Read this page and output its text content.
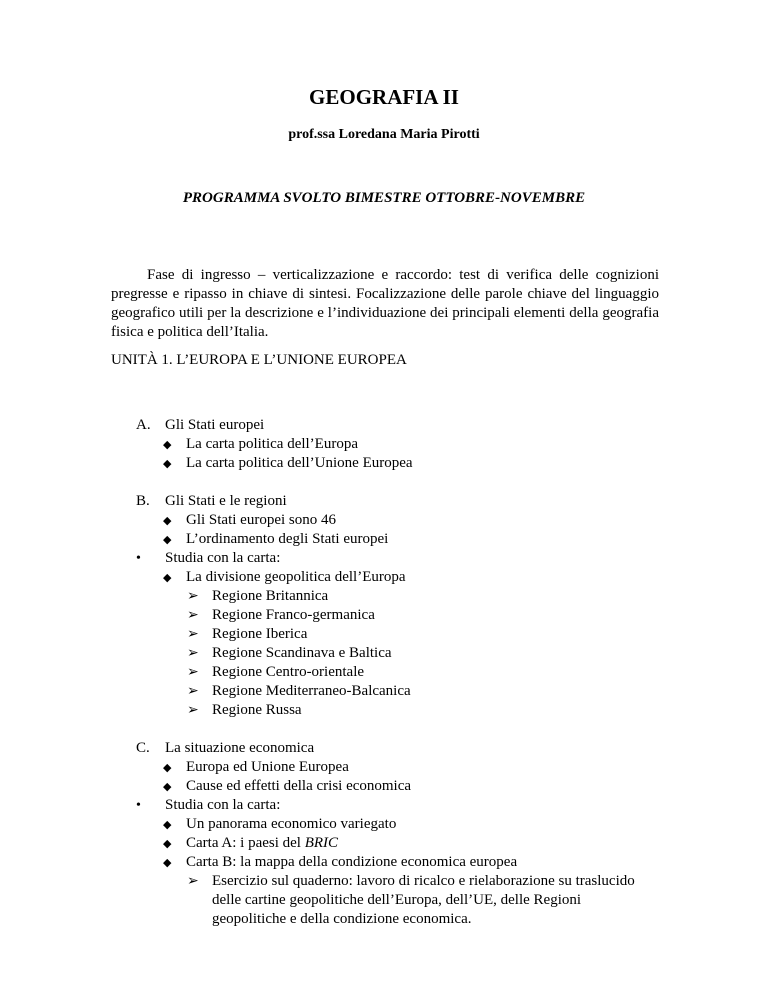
GEOGRAFIA II
prof.ssa Loredana Maria Pirotti
PROGRAMMA SVOLTO BIMESTRE OTTOBRE-NOVEMBRE

Fase di ingresso – verticalizzazione e raccordo: test di verifica delle cognizioni pregresse e ripasso in chiave di sintesi. Focalizzazione delle parole chiave del linguaggio geografico utili per la descrizione e l’individuazione dei principali elementi della geografia fisica e politica dell’Italia.

UNITÀ 1. L’EUROPA E L’UNIONE EUROPEA
A. Gli Stati europei
◆ La carta politica dell’Europa
◆ La carta politica dell’Unione Europea
B. Gli Stati e le regioni
◆ Gli Stati europei sono 46
◆ L’ordinamento degli Stati europei
• Studia con la carta:
◆ La divisione geopolitica dell’Europa
➢ Regione Britannica
➢ Regione Franco-germanica
➢ Regione Iberica
➢ Regione Scandinava e Baltica
➢ Regione Centro-orientale
➢ Regione Mediterraneo-Balcanica
➢ Regione Russa
C. La situazione economica
◆ Europa ed Unione Europea
◆ Cause ed effetti della crisi economica
• Studia con la carta:
◆ Un panorama economico variegato
◆ Carta A: i paesi del BRIC
◆ Carta B: la mappa della condizione economica europea
➢ Esercizio sul quaderno: lavoro di ricalco e rielaborazione su traslucido delle cartine geopolitiche dell’Europa, dell’UE, delle Regioni geopolitiche e della condizione economica.
